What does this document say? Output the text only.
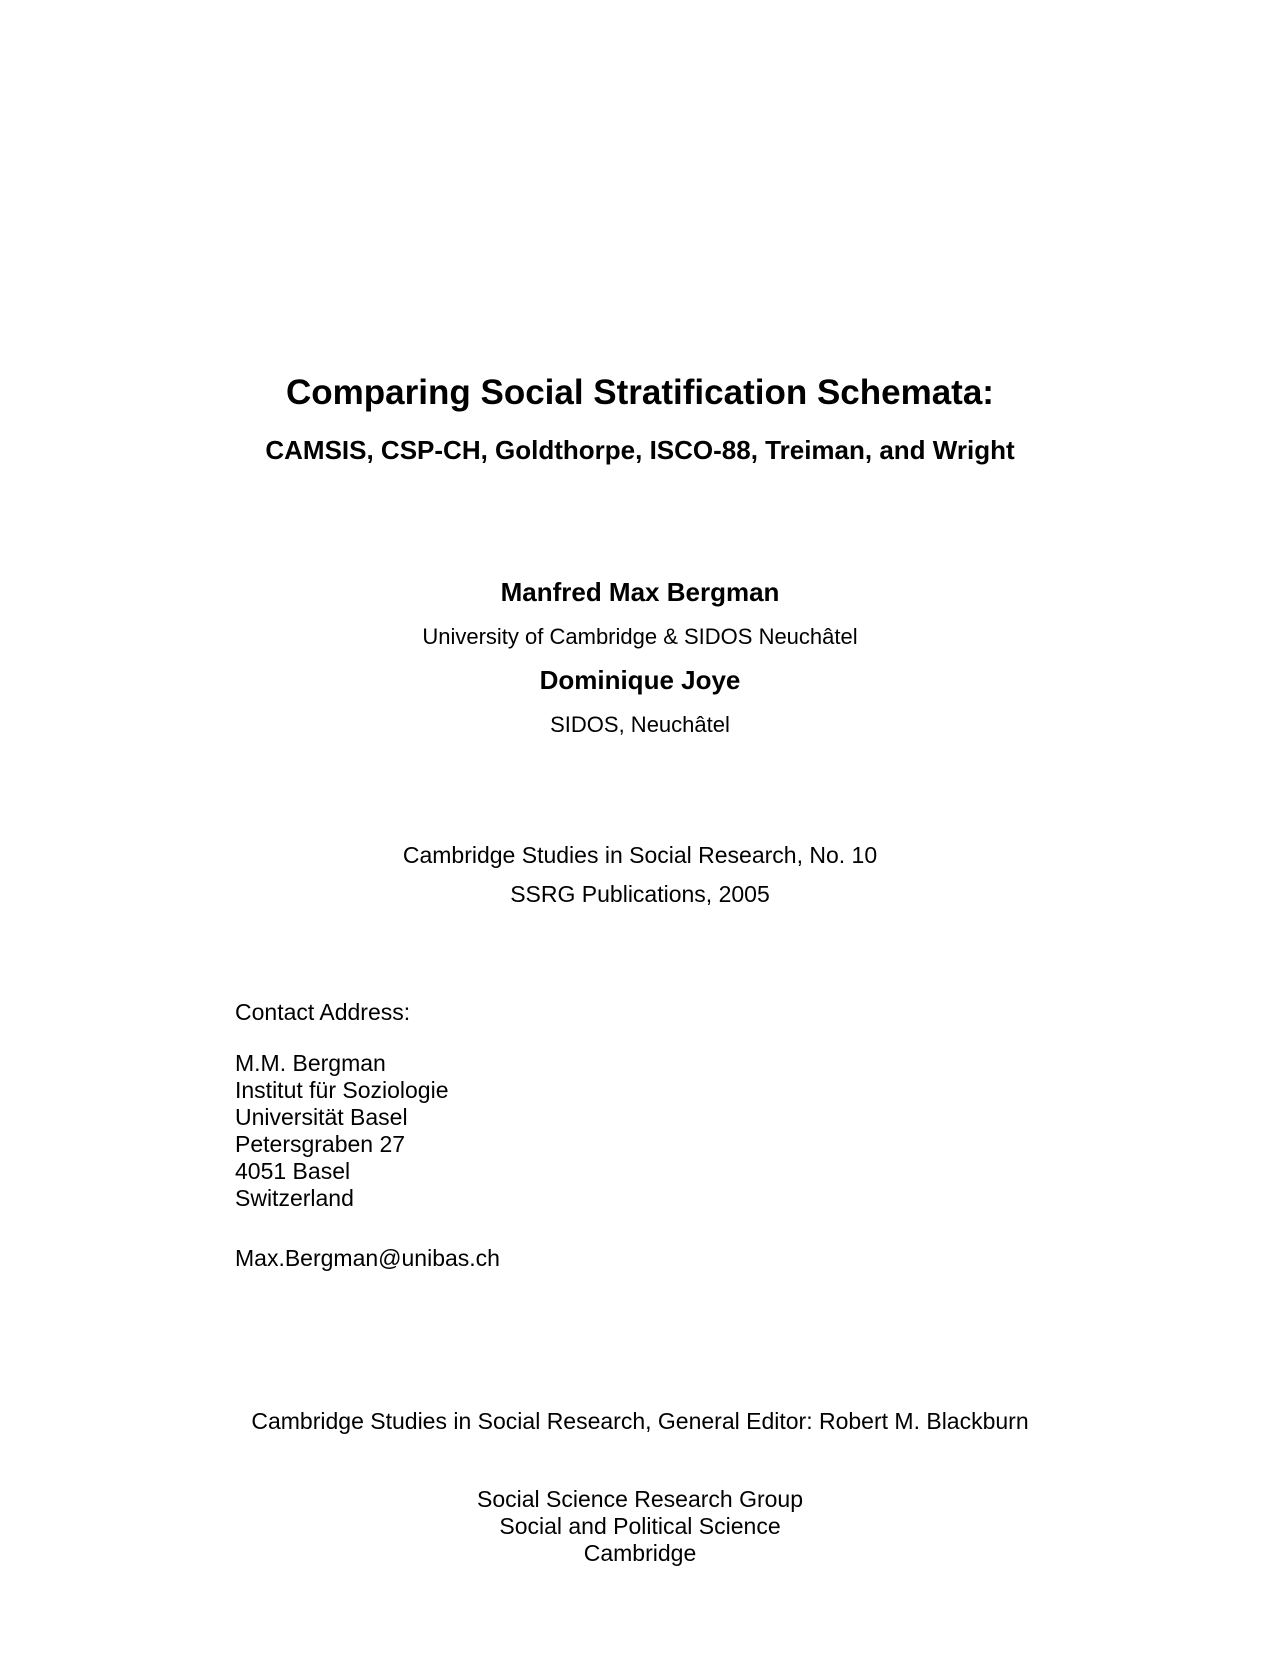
Comparing Social Stratification Schemata:
CAMSIS, CSP-CH, Goldthorpe, ISCO-88, Treiman, and Wright
Manfred Max Bergman
University of Cambridge & SIDOS Neuchâtel
Dominique Joye
SIDOS, Neuchâtel
Cambridge Studies in Social Research, No. 10
SSRG Publications, 2005
Contact Address:
M.M. Bergman
Institut für Soziologie
Universität Basel
Petersgraben 27
4051 Basel
Switzerland
Max.Bergman@unibas.ch
Cambridge Studies in Social Research, General Editor: Robert M. Blackburn
Social Science Research Group
Social and Political Science
Cambridge
